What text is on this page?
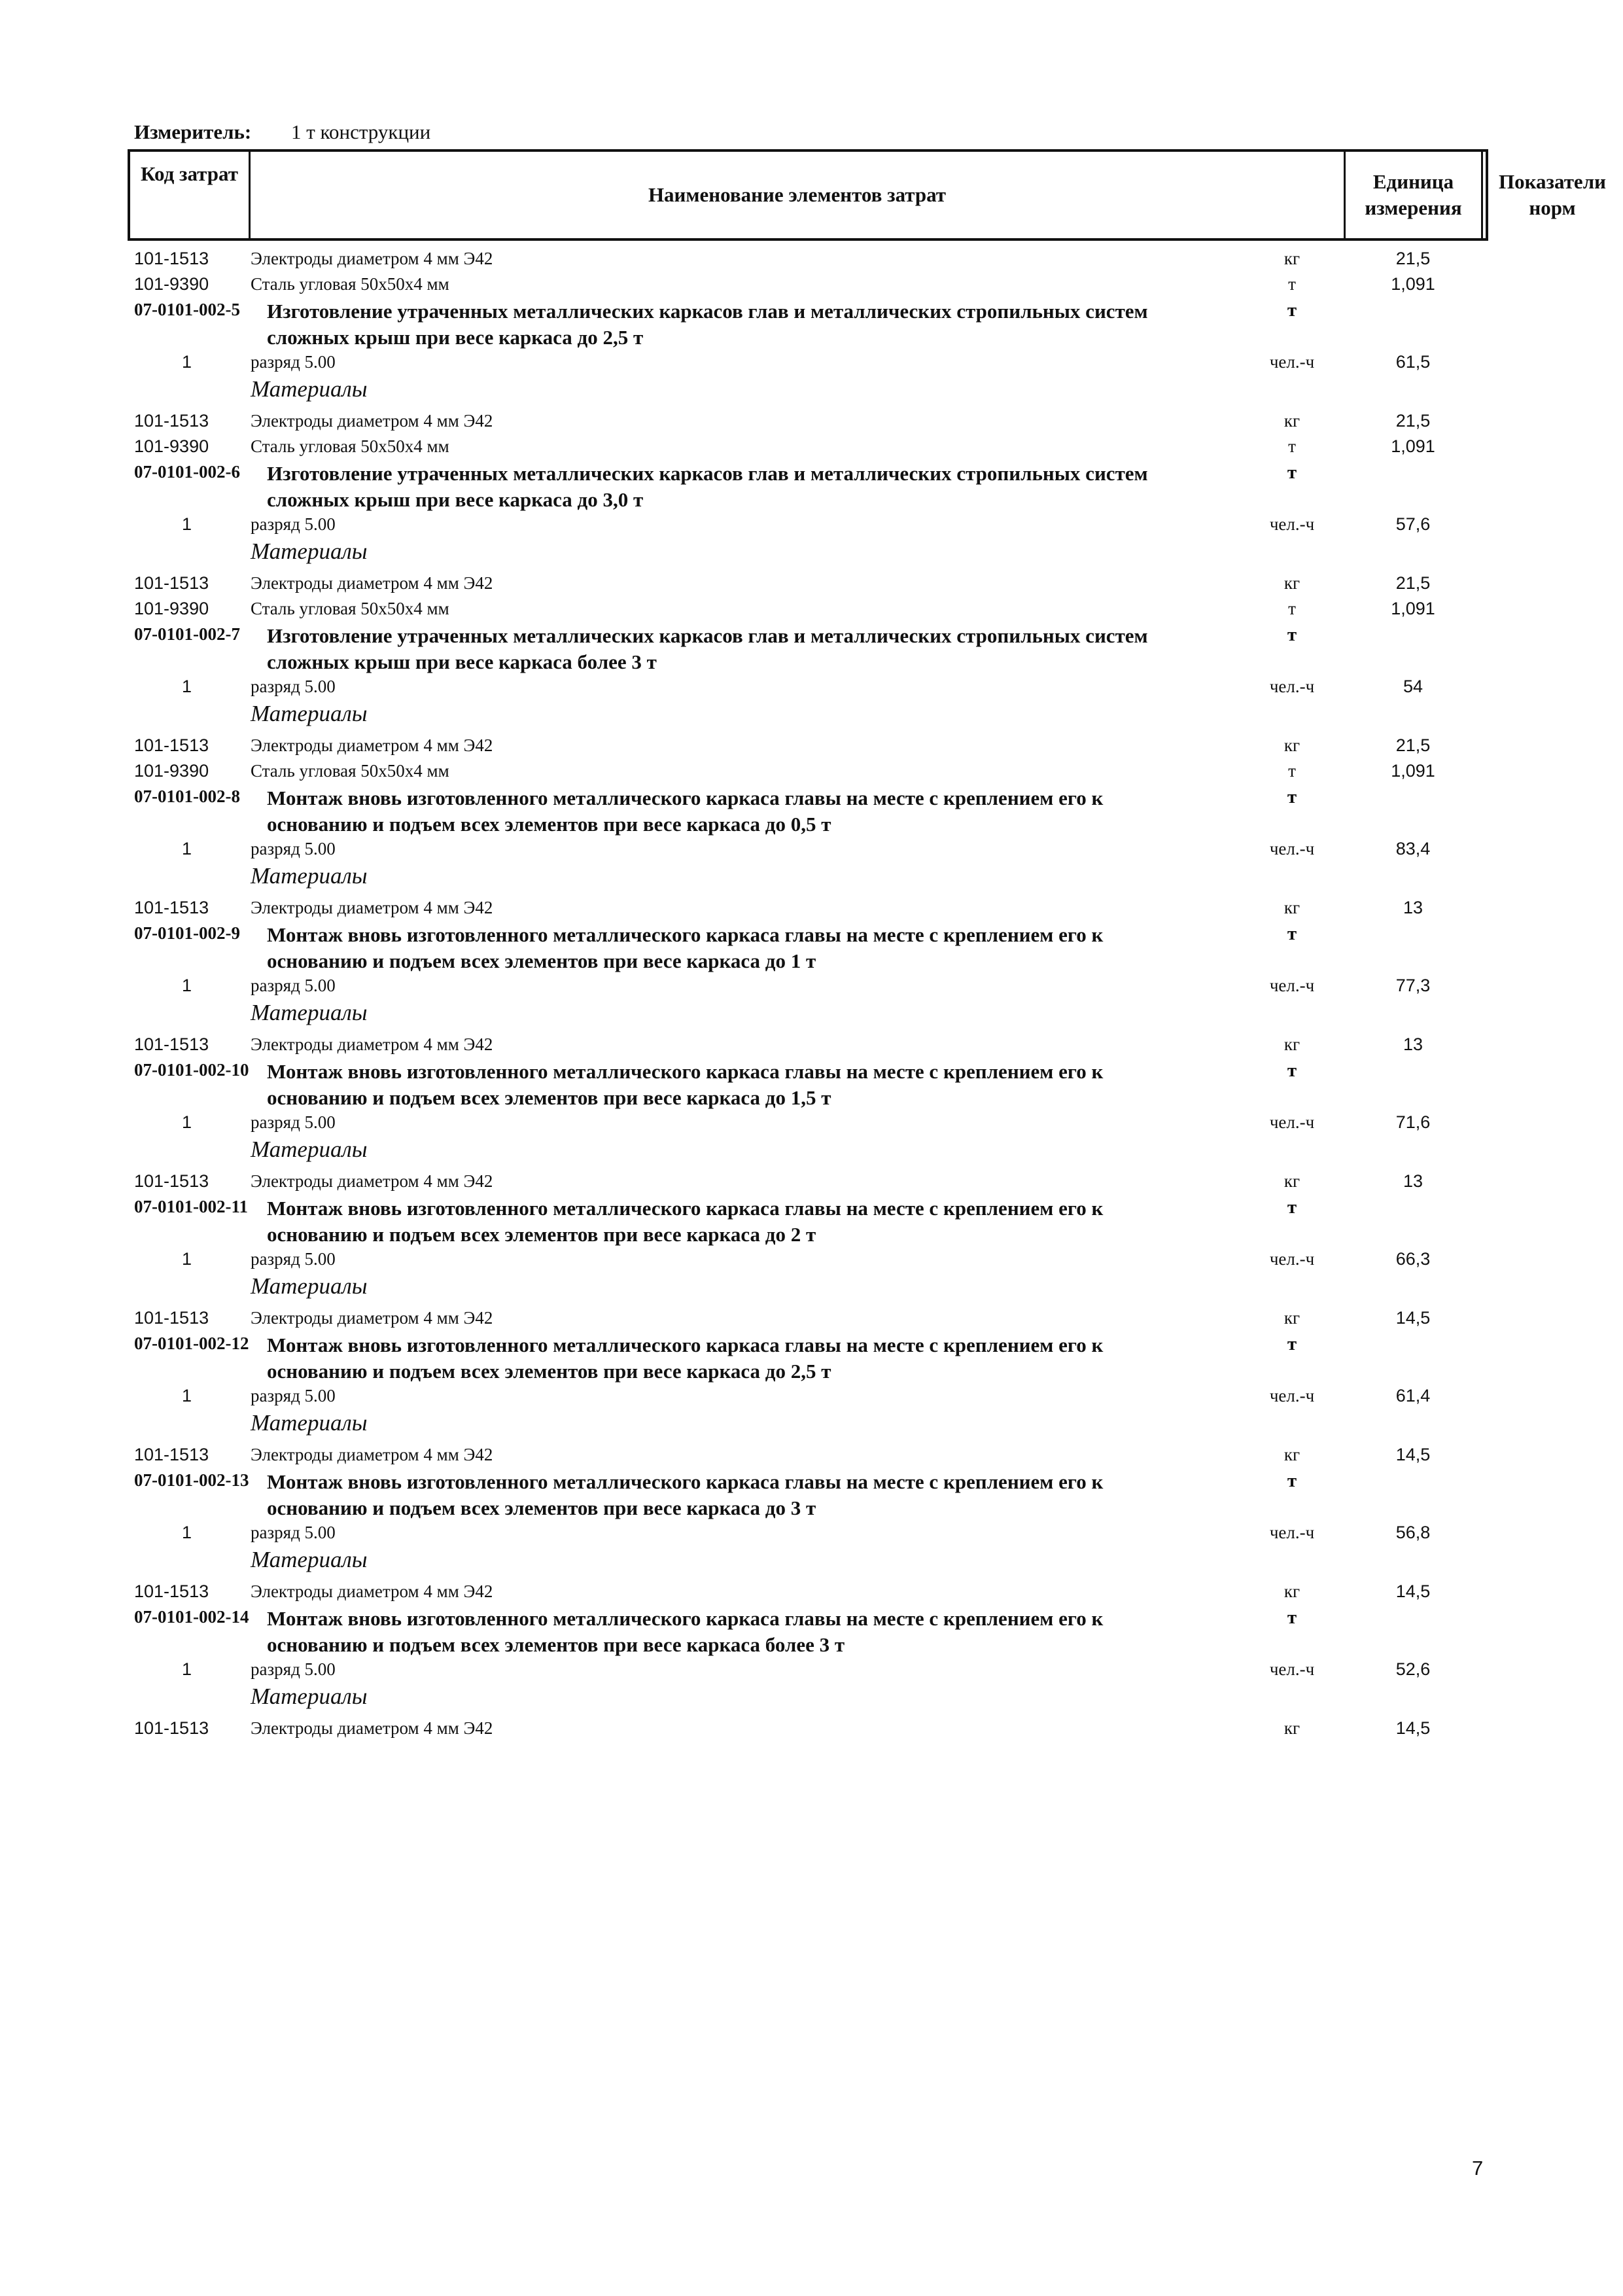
Измеритель: 1 т конструкции
Код затрат
Наименование элементов затрат
Единица измерения
Показатели норм
101-1513 Электроды диаметром 4 мм Э42	кг	21,5
101-9390 Сталь угловая 50х50х4 мм	т	1,091
07-0101-002-5 Изготовление утраченных металлических каркасов глав и металлических стропильных систем сложных крыш при весе каркаса до 2,5 т
т
1	разряд 5.00	чел.-ч	61,5
Материалы
101-1513 Электроды диаметром 4 мм Э42	кг	21,5
101-9390 Сталь угловая 50х50х4 мм	т	1,091
07-0101-002-6 Изготовление утраченных металлических каркасов глав и металлических стропильных систем сложных крыш при весе каркаса до 3,0 т
т
1	разряд 5.00	чел.-ч	57,6
Материалы
101-1513 Электроды диаметром 4 мм Э42	кг	21,5
101-9390 Сталь угловая 50х50х4 мм	т	1,091
07-0101-002-7 Изготовление утраченных металлических каркасов глав и металлических стропильных систем сложных крыш при весе каркаса более 3 т
т
1	разряд 5.00	чел.-ч	54
Материалы
101-1513 Электроды диаметром 4 мм Э42	кг	21,5
101-9390 Сталь угловая 50х50х4 мм	т	1,091
07-0101-002-8 Монтаж вновь изготовленного металлического каркаса главы на месте с креплением его к основанию и подъем всех элементов при весе каркаса до 0,5 т
т
1	разряд 5.00	чел.-ч	83,4
Материалы
101-1513 Электроды диаметром 4 мм Э42	кг	13
07-0101-002-9 Монтаж вновь изготовленного металлического каркаса главы на месте с креплением его к основанию и подъем всех элементов при весе каркаса до 1 т
т
1	разряд 5.00	чел.-ч	77,3
Материалы
101-1513 Электроды диаметром 4 мм Э42	кг	13
07-0101-002-10 Монтаж вновь изготовленного металлического каркаса главы на месте с креплением его к основанию и подъем всех элементов при весе каркаса до 1,5 т
т
1	разряд 5.00	чел.-ч	71,6
Материалы
101-1513 Электроды диаметром 4 мм Э42	кг	13
07-0101-002-11 Монтаж вновь изготовленного металлического каркаса главы на месте с креплением его к основанию и подъем всех элементов при весе каркаса до 2 т
т
1	разряд 5.00	чел.-ч	66,3
Материалы
101-1513 Электроды диаметром 4 мм Э42	кг	14,5
07-0101-002-12 Монтаж вновь изготовленного металлического каркаса главы на месте с креплением его к основанию и подъем всех элементов при весе каркаса до 2,5 т
т
1	разряд 5.00	чел.-ч	61,4
Материалы
101-1513 Электроды диаметром 4 мм Э42	кг	14,5
07-0101-002-13 Монтаж вновь изготовленного металлического каркаса главы на месте с креплением его к основанию и подъем всех элементов при весе каркаса до 3 т
т
1	разряд 5.00	чел.-ч	56,8
Материалы
101-1513 Электроды диаметром 4 мм Э42	кг	14,5
07-0101-002-14 Монтаж вновь изготовленного металлического каркаса главы на месте с креплением его к основанию и подъем всех элементов при весе каркаса более 3 т
т
1	разряд 5.00	чел.-ч	52,6
Материалы
101-1513 Электроды диаметром 4 мм Э42	кг	14,5
7
